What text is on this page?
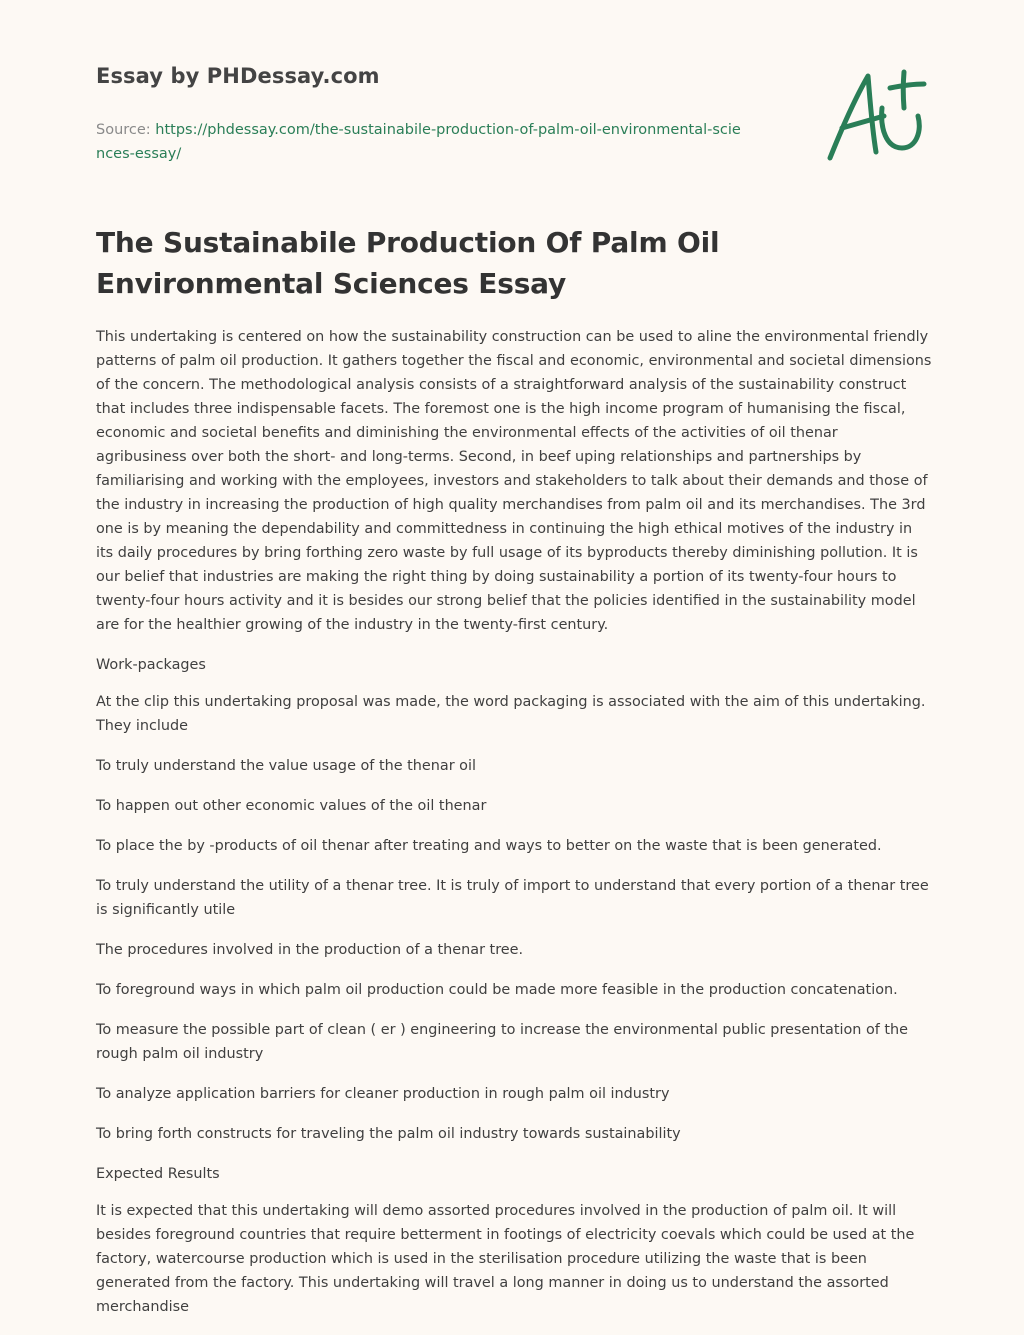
Essay by PHDessay.com
Source: https://phdessay.com/the-sustainabile-production-of-palm-oil-environmental-sciences-essay/
The Sustainabile Production Of Palm Oil Environmental Sciences Essay

This undertaking is centered on how the sustainability construction can be used to aline the environmental friendly patterns of palm oil production. It gathers together the fiscal and economic, environmental and societal dimensions of the concern. The methodological analysis consists of a straightforward analysis of the sustainability construct that includes three indispensable facets. The foremost one is the high income program of humanising the fiscal, economic and societal benefits and diminishing the environmental effects of the activities of oil thenar agribusiness over both the short- and long-terms. Second, in beef uping relationships and partnerships by familiarising and working with the employees, investors and stakeholders to talk about their demands and those of the industry in increasing the production of high quality merchandises from palm oil and its merchandises. The 3rd one is by meaning the dependability and committedness in continuing the high ethical motives of the industry in its daily procedures by bring forthing zero waste by full usage of its byproducts thereby diminishing pollution. It is our belief that industries are making the right thing by doing sustainability a portion of its twenty-four hours to twenty-four hours activity and it is besides our strong belief that the policies identified in the sustainability model are for the healthier growing of the industry in the twenty-first century.

Work-packages

At the clip this undertaking proposal was made, the word packaging is associated with the aim of this undertaking. They include

To truly understand the value usage of the thenar oil

To happen out other economic values of the oil thenar

To place the by -products of oil thenar after treating and ways to better on the waste that is been generated.

To truly understand the utility of a thenar tree. It is truly of import to understand that every portion of a thenar tree is significantly utile

The procedures involved in the production of a thenar tree.

To foreground ways in which palm oil production could be made more feasible in the production concatenation.

To measure the possible part of clean ( er ) engineering to increase the environmental public presentation of the rough palm oil industry

To analyze application barriers for cleaner production in rough palm oil industry

To bring forth constructs for traveling the palm oil industry towards sustainability

Expected Results

It is expected that this undertaking will demo assorted procedures involved in the production of palm oil. It will besides foreground countries that require betterment in footings of electricity coevals which could be used at the factory, watercourse production which is used in the sterilisation procedure utilizing the waste that is been generated from the factory. This undertaking will travel a long manner in doing us to understand the assorted merchandise
